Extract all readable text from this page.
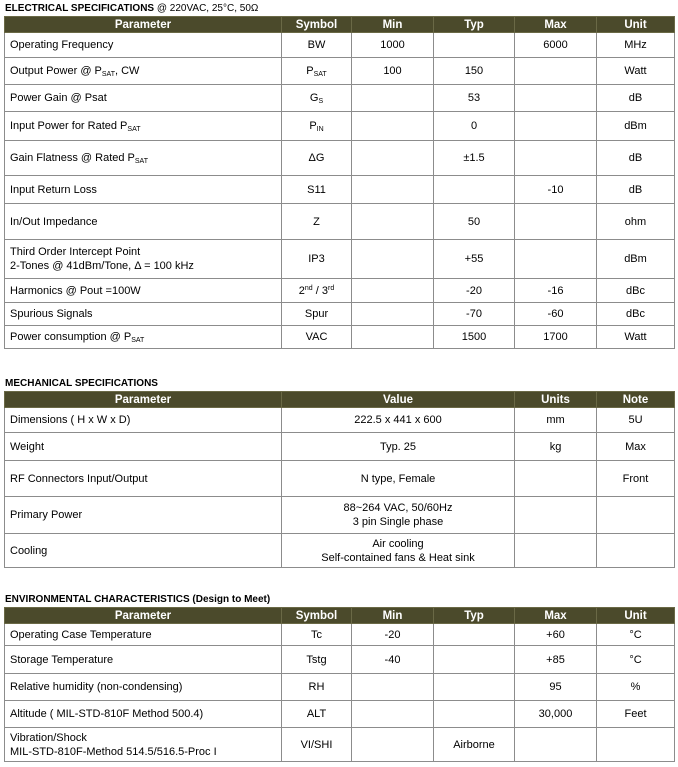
ELECTRICAL SPECIFICATIONS @ 220VAC, 25°C, 50Ω
Parameter	Symbol	Min	Typ	Max	Unit
Operating Frequency	BW	1000		6000	MHz
Output Power @ $P_{SAT}$, CW	$P_{SAT}$	100	150		Watt
Power Gain @ Psat	$G_S$		53		dB
Input Power for Rated $P_{SAT}$	$P_{IN}$		0		dBm
Gain Flatness @ Rated $P_{SAT}$	ΔG		±1.5		dB
Input Return Loss	S11			-10	dB
In/Out Impedance	Z		50		ohm

Third Order Intercept Point
2-Tones @ 41dBm/Tone, Δ = 100 kHz	IP3		+55		dBm
Harmonics @ Pout =100W	2nd / 3rd		-20	-16	dBc
Spurious Signals	Spur		-70	-60	dBc
Power consumption @ $P_{SAT}$	VAC		1500	1700	Watt
MECHANICAL SPECIFICATIONS
Parameter	Value	Units	Note
Dimensions ( H x W x D)	222.5 x 441 x 600	mm	5U
Weight	Typ. 25	kg	Max
RF Connectors Input/Output	N type, Female		Front
Primary Power	88~264 VAC, 50/60Hz
3 pin Single phase		

Cooling	Air cooling
Self-contained fans & Heat sink		

ENVIRONMENTAL CHARACTERISTICS (Design to Meet)
Parameter	Symbol	Min	Typ	Max	Unit

Operating Case Temperature	Tc	-20		+60	°C

Storage Temperature	Tstg	-40		+85	°C

Relative humidity (non-condensing)	RH			95	%

Altitude ( MIL-STD-810F Method 500.4)	ALT			30,000	Feet

Vibration/Shock
MIL-STD-810F-Method 514.5/516.5-Proc I	VI/SHI		Airborne		
